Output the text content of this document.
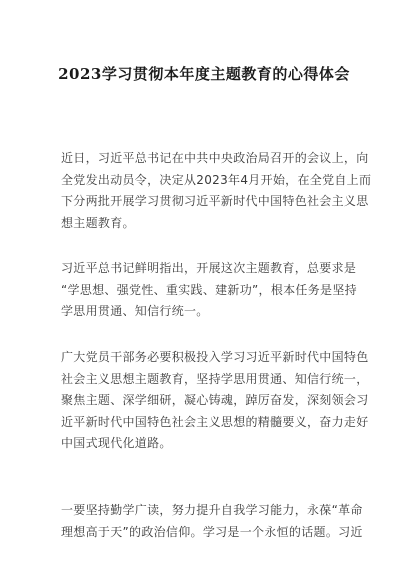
2023学习贯彻本年度主题教育的心得体会

近日，习近平总书记在中共中央政治局召开的会议上，向
全党发出动员令，决定从2023年4月开始，在全党自上而
下分两批开展学习贯彻习近平新时代中国特色社会主义思
想主题教育。

习近平总书记鲜明指出，开展这次主题教育，总要求是
“学思想、强党性、重实践、建新功”，根本任务是坚持
学思用贯通、知信行统一。

广大党员干部务必要积极投入学习习近平新时代中国特色
社会主义思想主题教育，坚持学思用贯通、知信行统一，
聚焦主题、深学细研，凝心铸魂，踔厉奋发，深刻领会习
近平新时代中国特色社会主义思想的精髓要义，奋力走好
中国式现代化道路。

一要坚持勤学广读，努力提升自我学习能力，永葆“革命
理想高于天”的政治信仰。学习是一个永恒的话题。习近
